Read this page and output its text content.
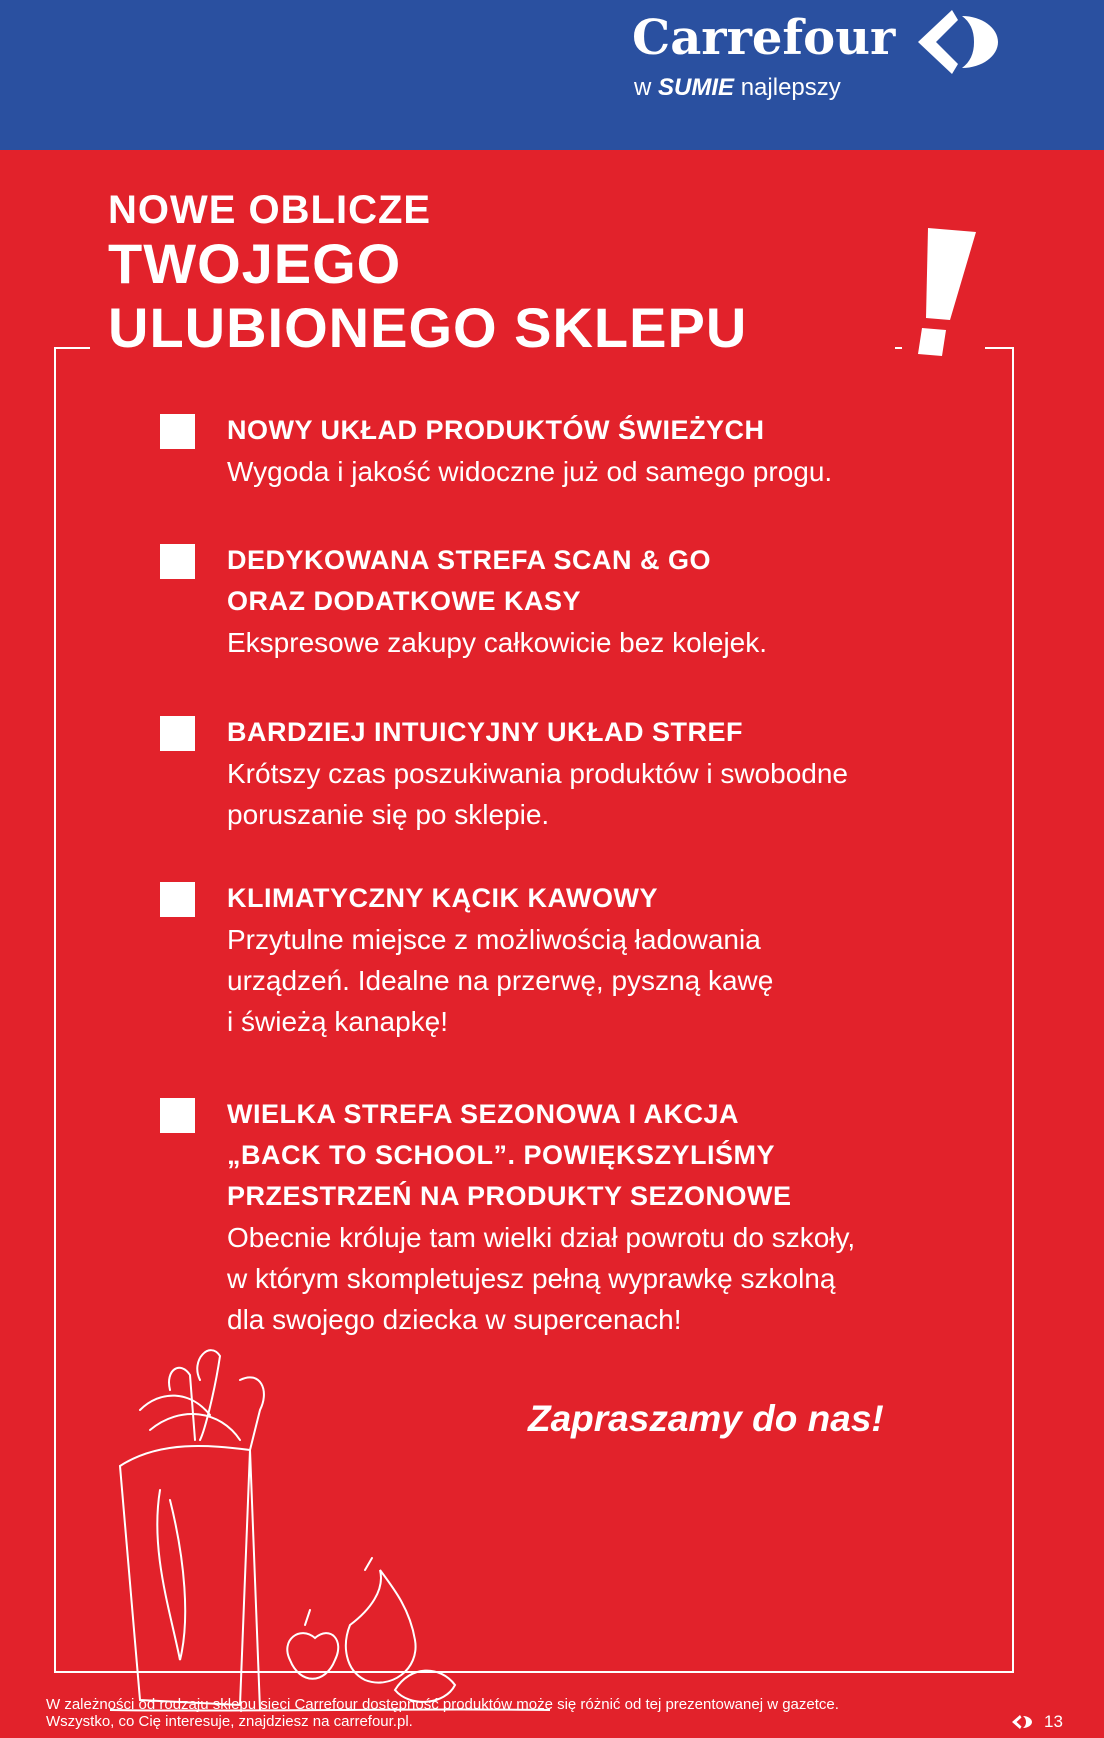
Carrefour
w SUMIE najlepszy
NOWE OBLICZE
TWOJEGO
ULUBIONEGO SKLEPU
NOWY UKŁAD PRODUKTÓW ŚWIEŻYCH
Wygoda i jakość widoczne już od samego progu.
DEDYKOWANA STREFA SCAN & GO
ORAZ DODATKOWE KASY
Ekspresowe zakupy całkowicie bez kolejek.
BARDZIEJ INTUICYJNY UKŁAD STREF
Krótszy czas poszukiwania produktów i swobodne
poruszanie się po sklepie.
KLIMATYCZNY KĄCIK KAWOWY
Przytulne miejsce z możliwością ładowania
urządzeń. Idealne na przerwę, pyszną kawę
i świeżą kanapkę!
WIELKA STREFA SEZONOWA I AKCJA
„BACK TO SCHOOL”. POWIĘKSZYLIŚMY
PRZESTRZEŃ NA PRODUKTY SEZONOWE
Obecnie króluje tam wielki dział powrotu do szkoły,
w którym skompletujesz pełną wyprawkę szkolną
dla swojego dziecka w supercenach!
Zapraszamy do nas!
W zależności od rodzaju sklepu sieci Carrefour dostępność produktów może się różnić od tej prezentowanej w gazetce.
Wszystko, co Cię interesuje, znajdziesz na carrefour.pl.	13
